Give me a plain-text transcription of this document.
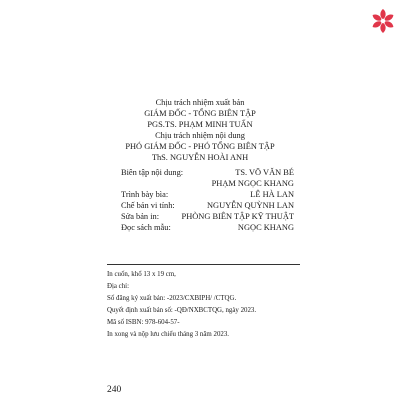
Chịu trách nhiệm xuất bản
GIÁM ĐỐC - TỔNG BIÊN TẬP
PGS.TS. PHẠM MINH TUẤN
Chịu trách nhiệm nội dung
PHÓ GIÁM ĐỐC - PHÓ TỔNG BIÊN TẬP
ThS. NGUYỄN HOÀI ANH
Biên tập nội dung:	TS. VÕ VĂN BÉ
PHẠM NGỌC KHANG
Trình bày bìa:	LÊ HÀ LAN
Chế bản vi tính:	NGUYỄN QUỲNH LAN
Sửa bản in:	PHÒNG BIÊN TẬP KỸ THUẬT
Đọc sách mẫu:	NGỌC KHANG
In cuốn, khổ 13 x 19 cm,
Địa chỉ:
Số đăng ký xuất bản: -2023/CXBIPH/ /CTQG.
Quyết định xuất bản số: -QĐ/NXBCTQG, ngày 2023.
Mã số ISBN: 978-604-57-
In xong và nộp lưu chiểu tháng 3 năm 2023.
240
